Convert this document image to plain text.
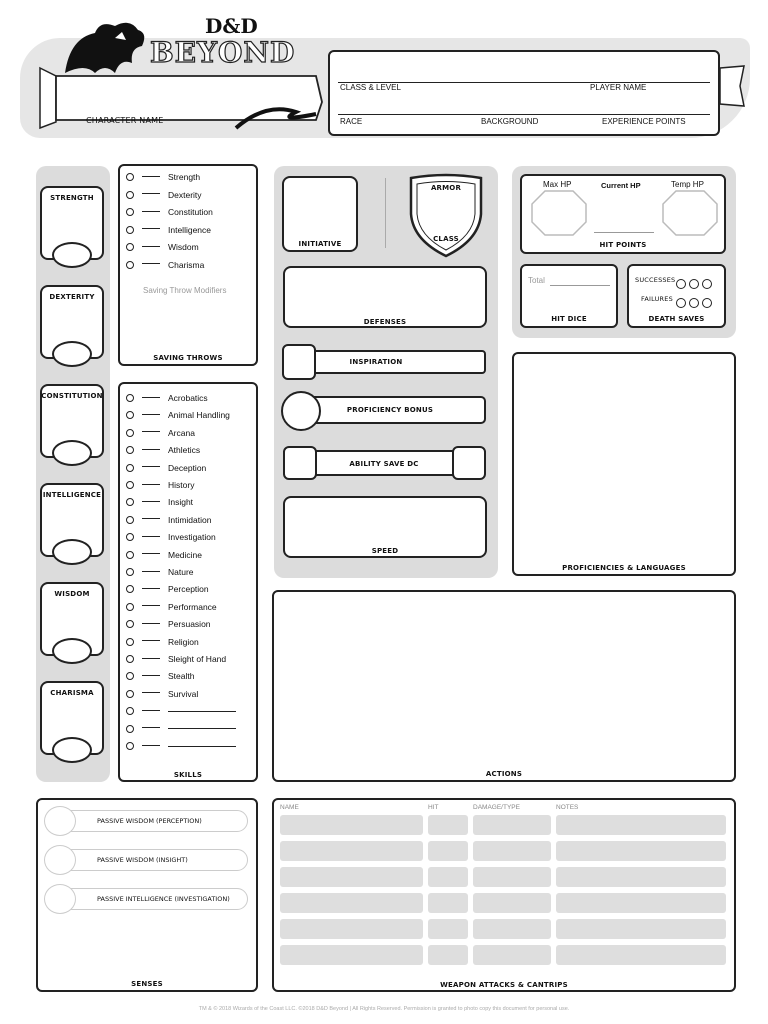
D&D
BEYOND
CHARACTER NAME
CLASS & LEVEL	PLAYER NAME
RACE	BACKGROUND	EXPERIENCE POINTS
Saving Throw Modifiers
SAVING THROWS
SKILLS
INITIATIVE
ARMOR
CLASS
DEFENSES
INSPIRATION
PROFICIENCY BONUS
ABILITY SAVE DC
SPEED
Max HP	Current HP	Temp HP
HIT POINTS
Total
HIT DICE
SUCCESSES
FAILURES
DEATH SAVES
PROFICIENCIES & LANGUAGES
ACTIONS
SENSES	WEAPON ATTACKS & CANTRIPS
TM & © 2018 Wizards of the Coast LLC. ©2018 D&D Beyond | All Rights Reserved. Permission is granted to photo copy this document for personal use.
STRENGTH
DEXTERITY
CONSTITUTION
INTELLIGENCE
WISDOM
CHARISMA
Strength
Dexterity
Constitution
Intelligence
Wisdom
Charisma
Acrobatics
Animal Handling
Arcana
Athletics
Deception
History
Insight
Intimidation
Investigation
Medicine
Nature
Perception
Performance
Persuasion
Religion
Sleight of Hand
Stealth
Survival
PASSIVE WISDOM (PERCEPTION)
PASSIVE WISDOM (INSIGHT)
PASSIVE INTELLIGENCE (INVESTIGATION)
NAME	HIT	DAMAGE/TYPE	NOTES
